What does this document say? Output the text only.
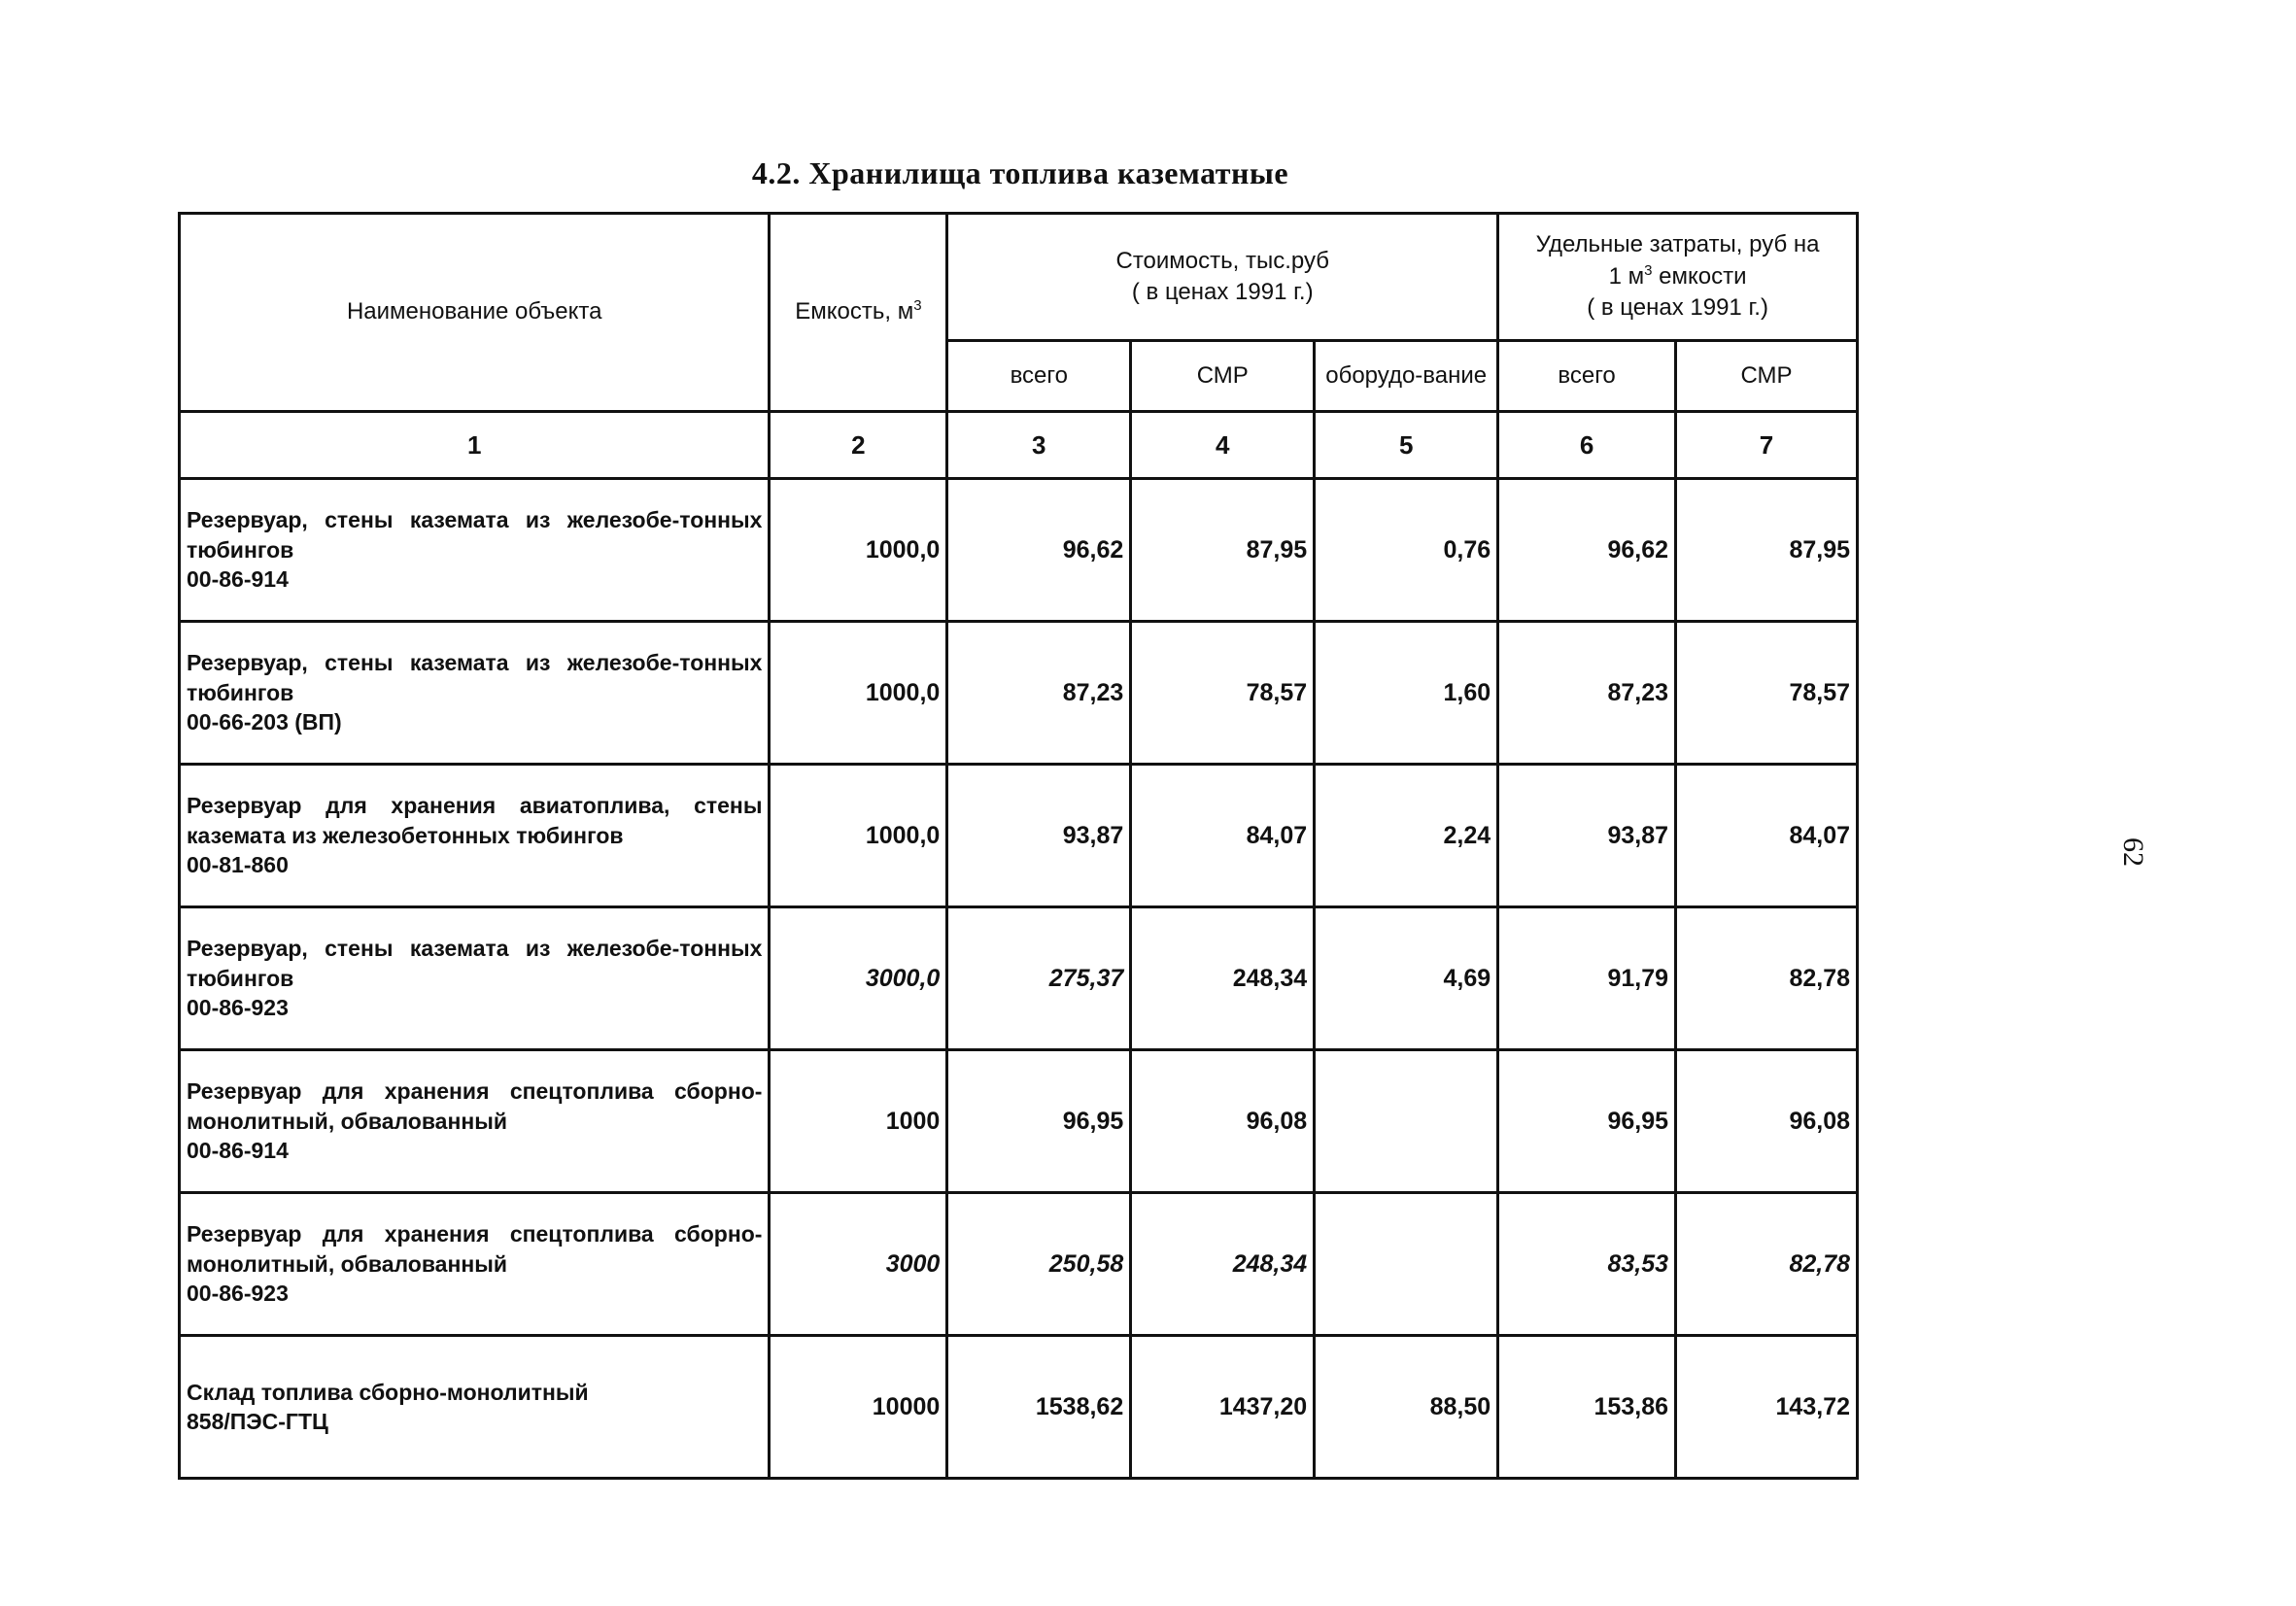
4.2. Хранилища топлива казематные
62
Наименование объекта	Емкость, $м^3$	Стоимость, тыс.руб
( в ценах 1991 г.)			Удельные затраты, руб на
1 $м^3$ емкости
( в ценах 1991 г.)	
		всего	СМР	оборудо-вание	всего	СМР
1	2	3	4	5	6	7

Резервуар, стены каземата из железобе-тонных тюбингов
00-86-914	1000,0	96,62	87,95	0,76	96,62	87,95

Резервуар, стены каземата из железобе-тонных тюбингов
00-66-203 (ВП)	1000,0	87,23	78,57	1,60	87,23	78,57

Резервуар для хранения авиатоплива, стены каземата из железобетонных тюбингов
00-81-860	1000,0	93,87	84,07	2,24	93,87	84,07

Резервуар, стены каземата из железобе-тонных тюбингов
00-86-923	3000,0	275,37	248,34	4,69	91,79	82,78

Резервуар для хранения спецтоплива сборно-монолитный, обвалованный
00-86-914	1000	96,95	96,08		96,95	96,08

Резервуар для хранения спецтоплива сборно-монолитный, обвалованный
00-86-923	3000	250,58	248,34		83,53	82,78

Склад топлива сборно-монолитный
858/ПЭС-ГТЦ	10000	1538,62	1437,20	88,50	153,86	143,72
